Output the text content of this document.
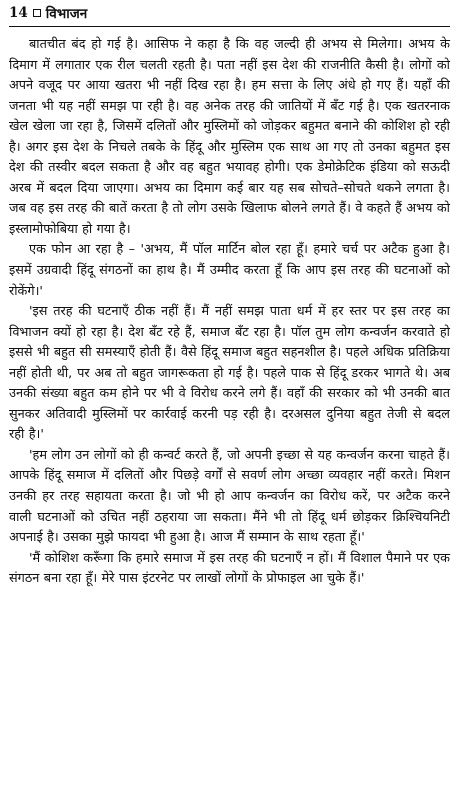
14 विभाजन

बातचीत बंद हो गई है। आसिफ ने कहा है कि वह जल्दी ही अभय से मिलेगा। अभय के दिमाग में लगातार एक रील चलती रहती है। पता नहीं इस देश की राजनीति कैसी है। लोगों को अपने वजूद पर आया खतरा भी नहीं दिख रहा है। हम सत्ता के लिए अंधे हो गए हैं। यहाँ की जनता भी यह नहीं समझ पा रही है। वह अनेक तरह की जातियों में बँट गई है। एक खतरनाक खेल खेला जा रहा है, जिसमें दलितों और मुस्लिमों को जोड़कर बहुमत बनाने की कोशिश हो रही है। अगर इस देश के निचले तबके के हिंदू और मुस्लिम एक साथ आ गए तो उनका बहुमत इस देश की तस्वीर बदल सकता है और वह बहुत भयावह होगी। एक डेमोक्रेटिक इंडिया को सऊदी अरब में बदल दिया जाएगा। अभय का दिमाग कई बार यह सब सोचते–सोचते थकने लगता है। जब वह इस तरह की बातें करता है तो लोग उसके खिलाफ बोलने लगते हैं। वे कहते हैं अभय को इस्लामोफोबिया हो गया है।

एक फोन आ रहा है – 'अभय, मैं पॉल मार्टिन बोल रहा हूँ। हमारे चर्च पर अटैक हुआ है। इसमें उग्रवादी हिंदू संगठनों का हाथ है। मैं उम्मीद करता हूँ कि आप इस तरह की घटनाओं को रोकेंगे।'

'इस तरह की घटनाएँ ठीक नहीं हैं। मैं नहीं समझ पाता धर्म में हर स्तर पर इस तरह का विभाजन क्यों हो रहा है। देश बँट रहे हैं, समाज बँट रहा है। पॉल तुम लोग कन्वर्जन करवाते हो इससे भी बहुत सी समस्याएँ होती हैं। वैसे हिंदू समाज बहुत सहनशील है। पहले अधिक प्रतिक्रिया नहीं होती थी, पर अब तो बहुत जागरूकता हो गई है। पहले पाक से हिंदू डरकर भागते थे। अब उनकी संख्या बहुत कम होने पर भी वे विरोध करने लगे हैं। वहाँ की सरकार को भी उनकी बात सुनकर अतिवादी मुस्लिमों पर कार्रवाई करनी पड़ रही है। दरअसल दुनिया बहुत तेजी से बदल रही है।'

'हम लोग उन लोगों को ही कन्वर्ट करते हैं, जो अपनी इच्छा से यह कन्वर्जन करना चाहते हैं। आपके हिंदू समाज में दलितों और पिछड़े वर्गों से सवर्ण लोग अच्छा व्यवहार नहीं करते। मिशन उनकी हर तरह सहायता करता है। जो भी हो आप कन्वर्जन का विरोध करें, पर अटैक करने वाली घटनाओं को उचित नहीं ठहराया जा सकता। मैंने भी तो हिंदू धर्म छोड़कर क्रिश्चियनिटी अपनाई है। उसका मुझे फायदा भी हुआ है। आज मैं सम्मान के साथ रहता हूँ।'

'मैं कोशिश करूँगा कि हमारे समाज में इस तरह की घटनाएँ न हों। मैं विशाल पैमाने पर एक संगठन बना रहा हूँ। मेरे पास इंटरनेट पर लाखों लोगों के प्रोफाइल आ चुके हैं।'
